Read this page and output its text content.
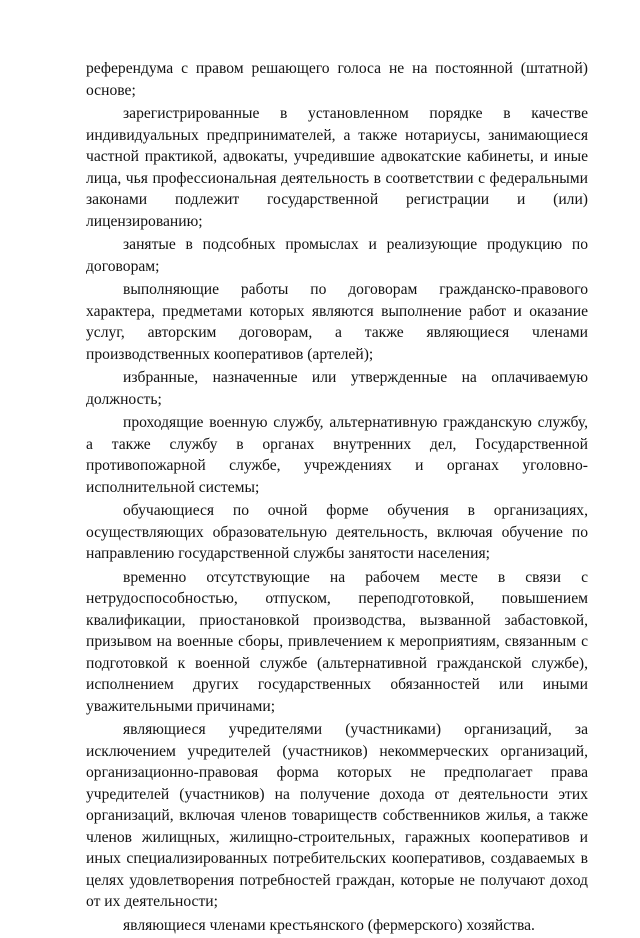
референдума с правом решающего голоса не на постоянной (штатной) основе;

зарегистрированные в установленном порядке в качестве индивидуальных предпринимателей, а также нотариусы, занимающиеся частной практикой, адвокаты, учредившие адвокатские кабинеты, и иные лица, чья профессиональная деятельность в соответствии с федеральными законами подлежит государственной регистрации и (или) лицензированию;

занятые в подсобных промыслах и реализующие продукцию по договорам;

выполняющие работы по договорам гражданско-правового характера, предметами которых являются выполнение работ и оказание услуг, авторским договорам, а также являющиеся членами производственных кооперативов (артелей);

избранные, назначенные или утвержденные на оплачиваемую должность;

проходящие военную службу, альтернативную гражданскую службу, а также службу в органах внутренних дел, Государственной противопожарной службе, учреждениях и органах уголовно-исполнительной системы;

обучающиеся по очной форме обучения в организациях, осуществляющих образовательную деятельность, включая обучение по направлению государственной службы занятости населения;

временно отсутствующие на рабочем месте в связи с нетрудоспособностью, отпуском, переподготовкой, повышением квалификации, приостановкой производства, вызванной забастовкой, призывом на военные сборы, привлечением к мероприятиям, связанным с подготовкой к военной службе (альтернативной гражданской службе), исполнением других государственных обязанностей или иными уважительными причинами;

являющиеся учредителями (участниками) организаций, за исключением учредителей (участников) некоммерческих организаций, организационно-правовая форма которых не предполагает права учредителей (участников) на получение дохода от деятельности этих организаций, включая членов товариществ собственников жилья, а также членов жилищных, жилищно-строительных, гаражных кооперативов и иных специализированных потребительских кооперативов, создаваемых в целях удовлетворения потребностей граждан, которые не получают доход от их деятельности;

являющиеся членами крестьянского (фермерского) хозяйства.
